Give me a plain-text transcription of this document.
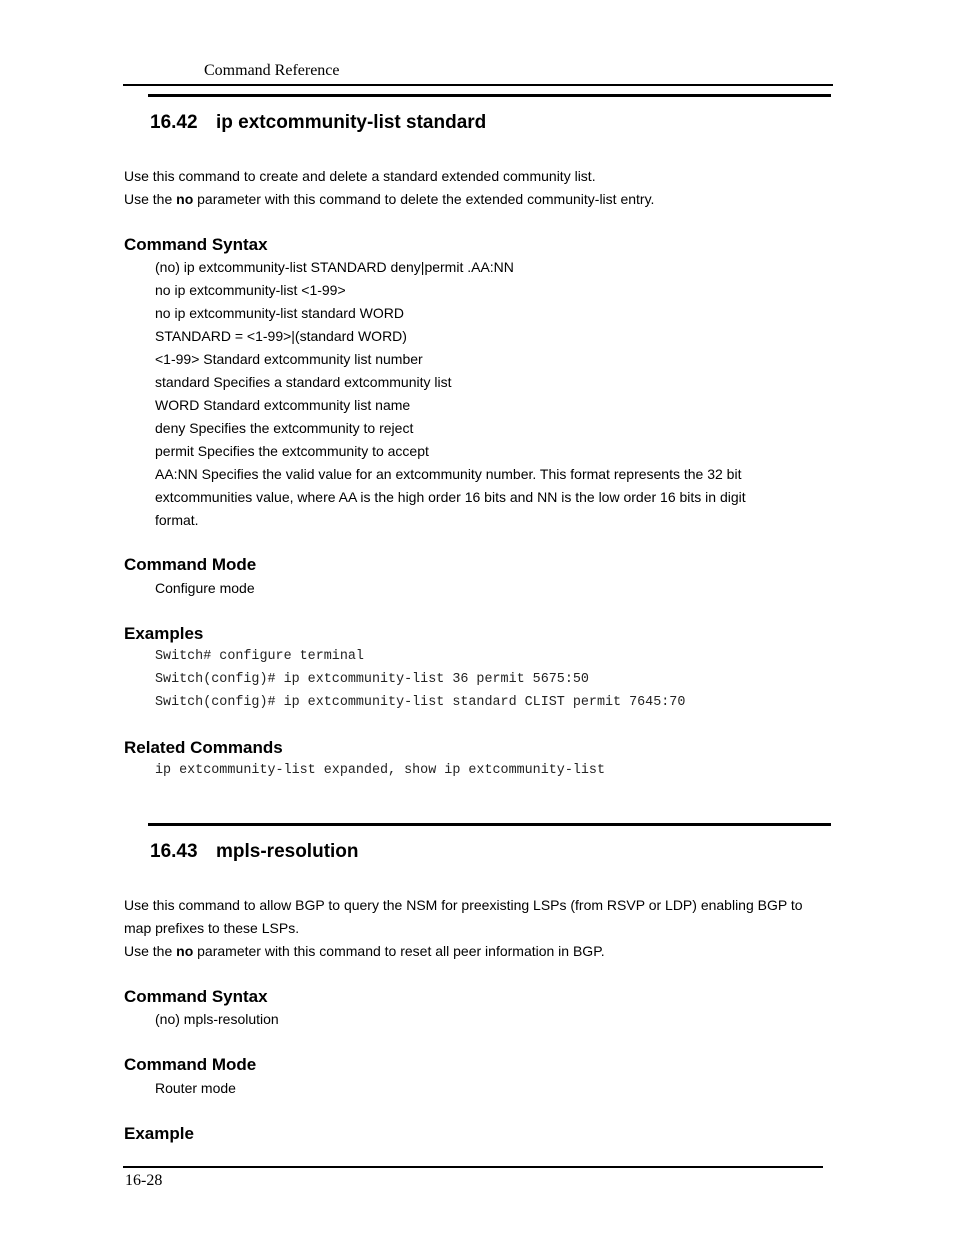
Command Reference
16.42 ip extcommunity-list standard
Use this command to create and delete a standard extended community list.
Use the no parameter with this command to delete the extended community-list entry.
Command Syntax
(no) ip extcommunity-list STANDARD deny|permit .AA:NN
no ip extcommunity-list <1-99>
no ip extcommunity-list standard WORD
STANDARD = <1-99>|(standard WORD)
<1-99> Standard extcommunity list number
standard Specifies a standard extcommunity list
WORD Standard extcommunity list name
deny Specifies the extcommunity to reject
permit Specifies the extcommunity to accept
AA:NN Specifies the valid value for an extcommunity number. This format represents the 32 bit
extcommunities value, where AA is the high order 16 bits and NN is the low order 16 bits in digit
format.
Command Mode
Configure mode
Examples
Switch# configure terminal
Switch(config)# ip extcommunity-list 36 permit 5675:50
Switch(config)# ip extcommunity-list standard CLIST permit 7645:70
Related Commands
ip extcommunity-list expanded, show ip extcommunity-list
16.43 mpls-resolution
Use this command to allow BGP to query the NSM for preexisting LSPs (from RSVP or LDP) enabling BGP to
map prefixes to these LSPs.
Use the no parameter with this command to reset all peer information in BGP.
Command Syntax
(no) mpls-resolution
Command Mode
Router mode
Example
16-28
